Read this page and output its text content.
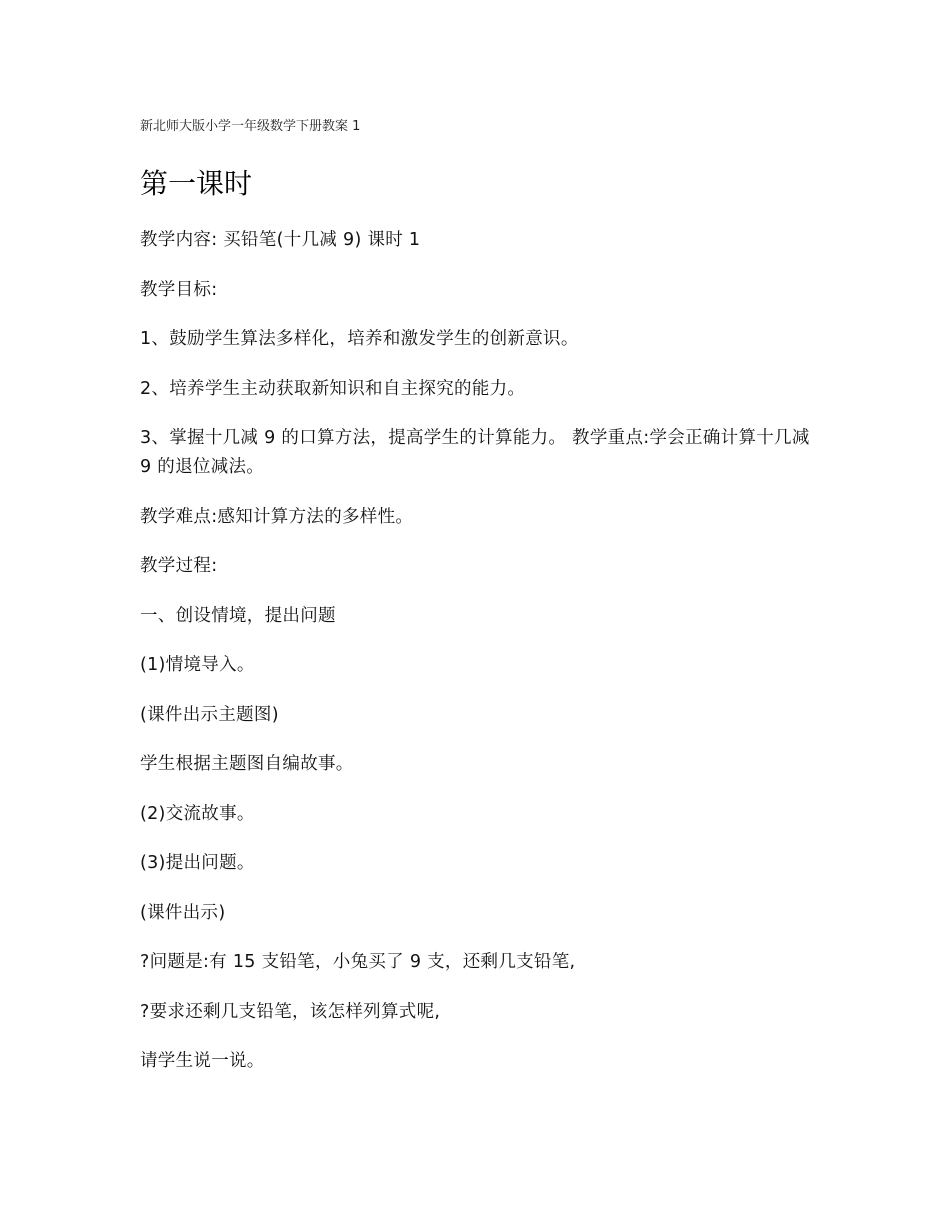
新北师大版小学一年级数学下册教案 1
第一课时

教学内容: 买铅笔(十几减 9) 课时 1

教学目标:

1、鼓励学生算法多样化，培养和激发学生的创新意识。

2、培养学生主动获取新知识和自主探究的能力。

3、掌握十几减 9 的口算方法，提高学生的计算能力。 教学重点:学会正确计算十几减 9 的退位减法。

教学难点:感知计算方法的多样性。

教学过程:

一、创设情境，提出问题

(1)情境导入。

(课件出示主题图)

学生根据主题图自编故事。

(2)交流故事。

(3)提出问题。

(课件出示)

?问题是:有 15 支铅笔，小兔买了 9 支，还剩几支铅笔,

?要求还剩几支铅笔，该怎样列算式呢,

请学生说一说。
